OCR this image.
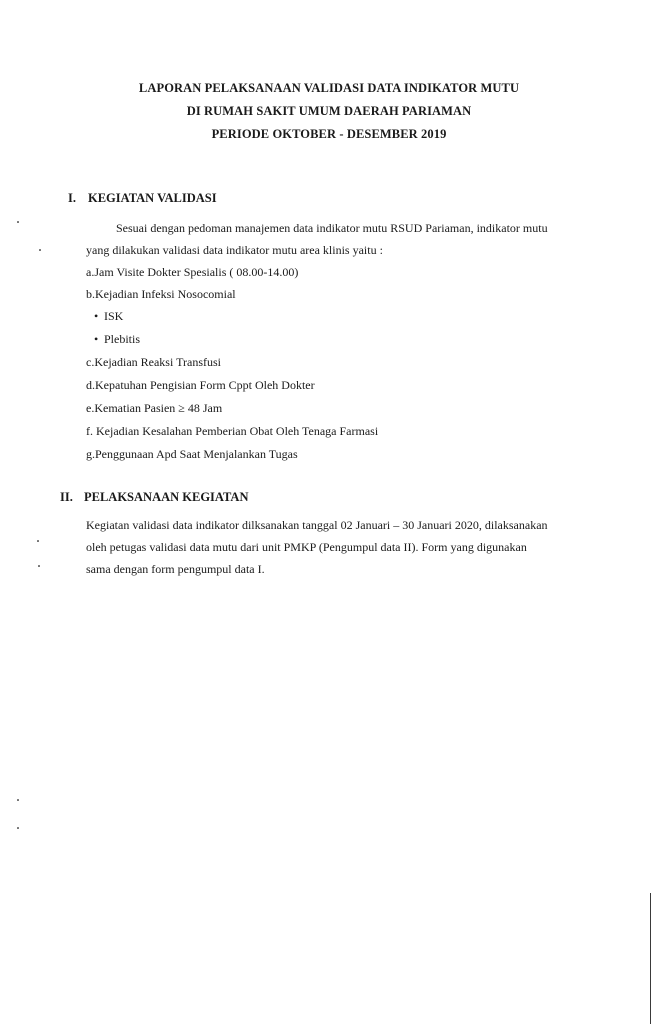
LAPORAN PELAKSANAAN VALIDASI DATA INDIKATOR MUTU
DI RUMAH SAKIT UMUM DAERAH PARIAMAN
PERIODE OKTOBER - DESEMBER 2019
I. KEGIATAN VALIDASI
Sesuai dengan pedoman manajemen data indikator mutu RSUD Pariaman, indikator mutu
yang dilakukan validasi data indikator mutu area klinis yaitu :
a.Jam Visite Dokter Spesialis ( 08.00-14.00)
b.Kejadian Infeksi Nosocomial
• ISK
• Plebitis
c.Kejadian Reaksi Transfusi
d.Kepatuhan Pengisian Form Cppt Oleh Dokter
e.Kematian Pasien ≥ 48 Jam
f. Kejadian Kesalahan Pemberian Obat Oleh Tenaga Farmasi
g.Penggunaan Apd Saat Menjalankan Tugas
II. PELAKSANAAN KEGIATAN
Kegiatan validasi data indikator dilksanakan tanggal 02 Januari – 30 Januari 2020, dilaksanakan
oleh petugas validasi data mutu dari unit PMKP (Pengumpul data II). Form yang digunakan
sama dengan form pengumpul data I.
